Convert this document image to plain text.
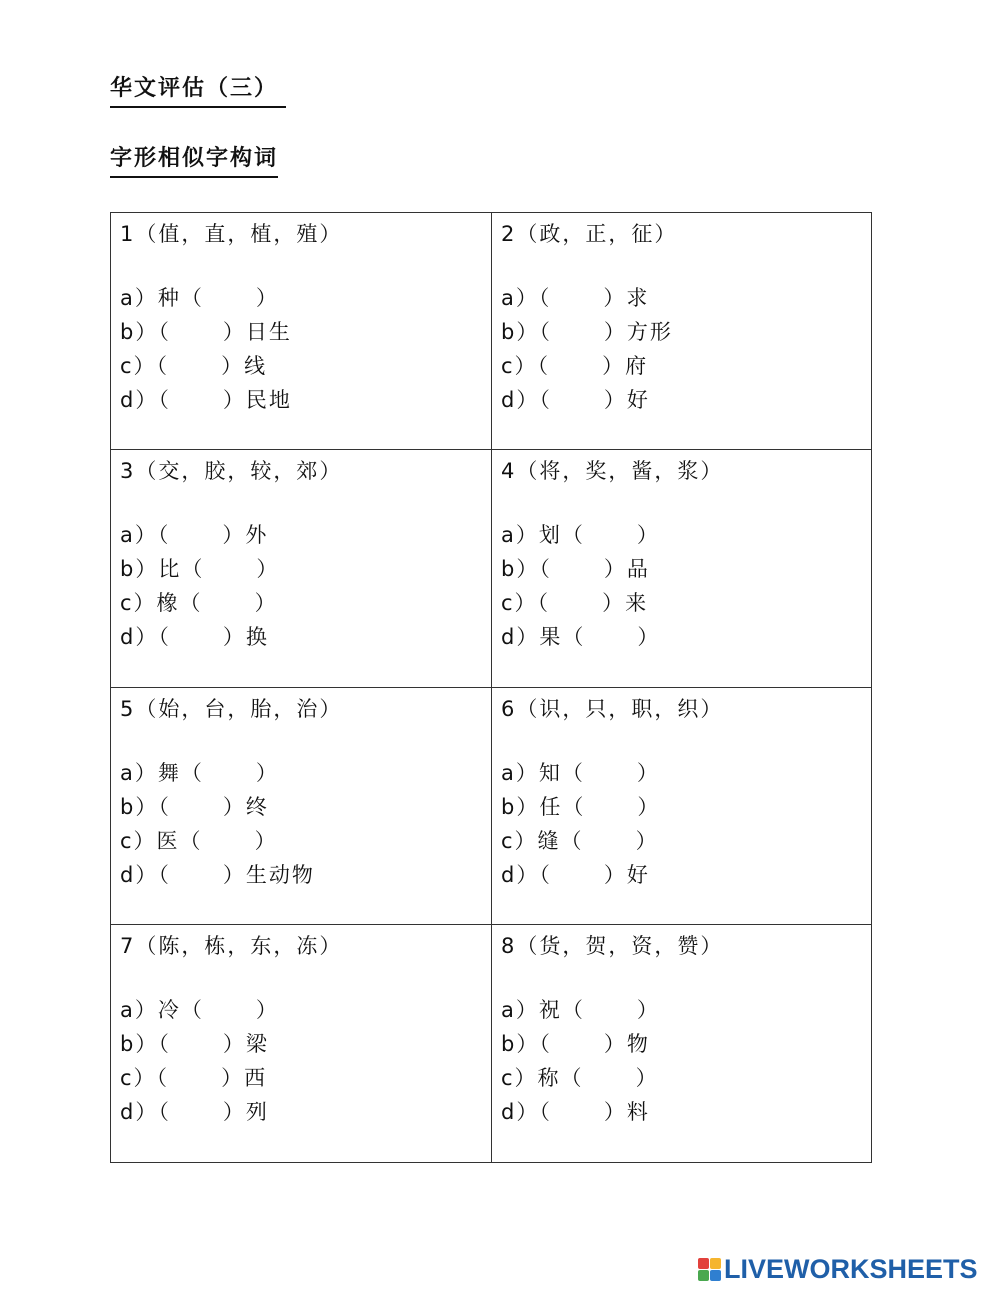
华文评估（三）
字形相似字构词
1（值，直，植，殖）
a）种（      ）
b）（      ）日生
c）（      ）线
d）（      ）民地
2（政，正，征）
a）（      ）求
b）（      ）方形
c）（      ）府
d）（      ）好
3（交，胶，较，郊）
a）（      ）外
b）比（      ）
c）橡（      ）
d）（      ）换
4（将，奖，酱，浆）
a）划（      ）
b）（      ）品
c）（      ）来
d）果（      ）
5（始，台，胎，治）
a）舞（      ）
b）（      ）终
c）医（      ）
d）（      ）生动物
6（识，只，职，织）
a）知（      ）
b）任（      ）
c）缝（      ）
d）（      ）好
7（陈，栋，东，冻）
a）冷（      ）
b）（      ）梁
c）（      ）西
d）（      ）列
8（货，贺，资，赞）
a）祝（      ）
b）（      ）物
c）称（      ）
d）（      ）料
LIVEWORKSHEETS
